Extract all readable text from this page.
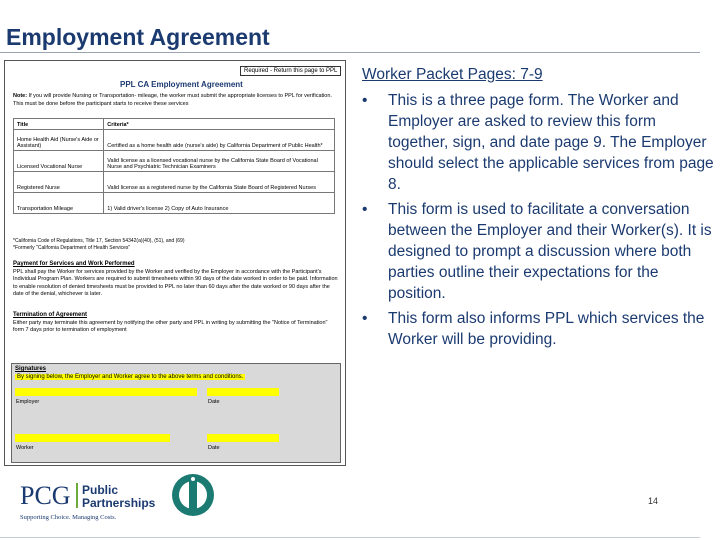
Employment Agreement
Required - Return this page to PPL
PPL CA Employment Agreement
Note: If you will provide Nursing or Transportation- mileage, the worker must submit the appropriate licenses to PPL for verification. This must be done before the participant starts to receive these services
Title	Criteria*
Home Health Aid (Nurse's Aide or Assistant)	Certified as a home health aide (nurse's aide) by California Department of Public Health*
Licensed Vocational Nurse	Valid license as a licensed vocational nurse by the California State Board of Vocational Nurse and Psychiatric Technician Examiners
Registered Nurse	Valid license as a registered nurse by the California State Board of Registered Nurses
Transportation Mileage	1) Valid driver's license 2) Copy of Auto Insurance
*California Code of Regulations, Title 17, Section 54342(a)(40), (51), and (69)
*Formerly "California Department of Health Services"
Payment for Services and Work Performed
PPL shall pay the Worker for services provided by the Worker and verified by the Employer in accordance with the Participant's Individual Program Plan. Workers are required to submit timesheets within 90 days of the date worked in order to be paid. Information to enable resolution of denied timesheets must be provided to PPL no later than 60 days after the date worked or 90 days after the date of the denial, whichever is later.
Termination of Agreement
Either party may terminate this agreement by notifying the other party and PPL in writing by submitting the "Notice of Termination" form 7 days prior to termination of employment
Signatures
By signing below, the Employer and Worker agree to the above terms and conditions.
Employer	Date
Worker	Date
Worker Packet Pages: 7-9
• This is a three page form. The Worker and Employer are asked to review this form together, sign, and date page 9. The Employer should select the applicable services from page 8.
• This form is used to facilitate a conversation between the Employer and their Worker(s). It is designed to prompt a discussion where both parties outline their expectations for the position.
• This form also informs PPL which services the Worker will be providing.
PCG Public
Partnerships
Supporting Choice. Managing Costs.
14
